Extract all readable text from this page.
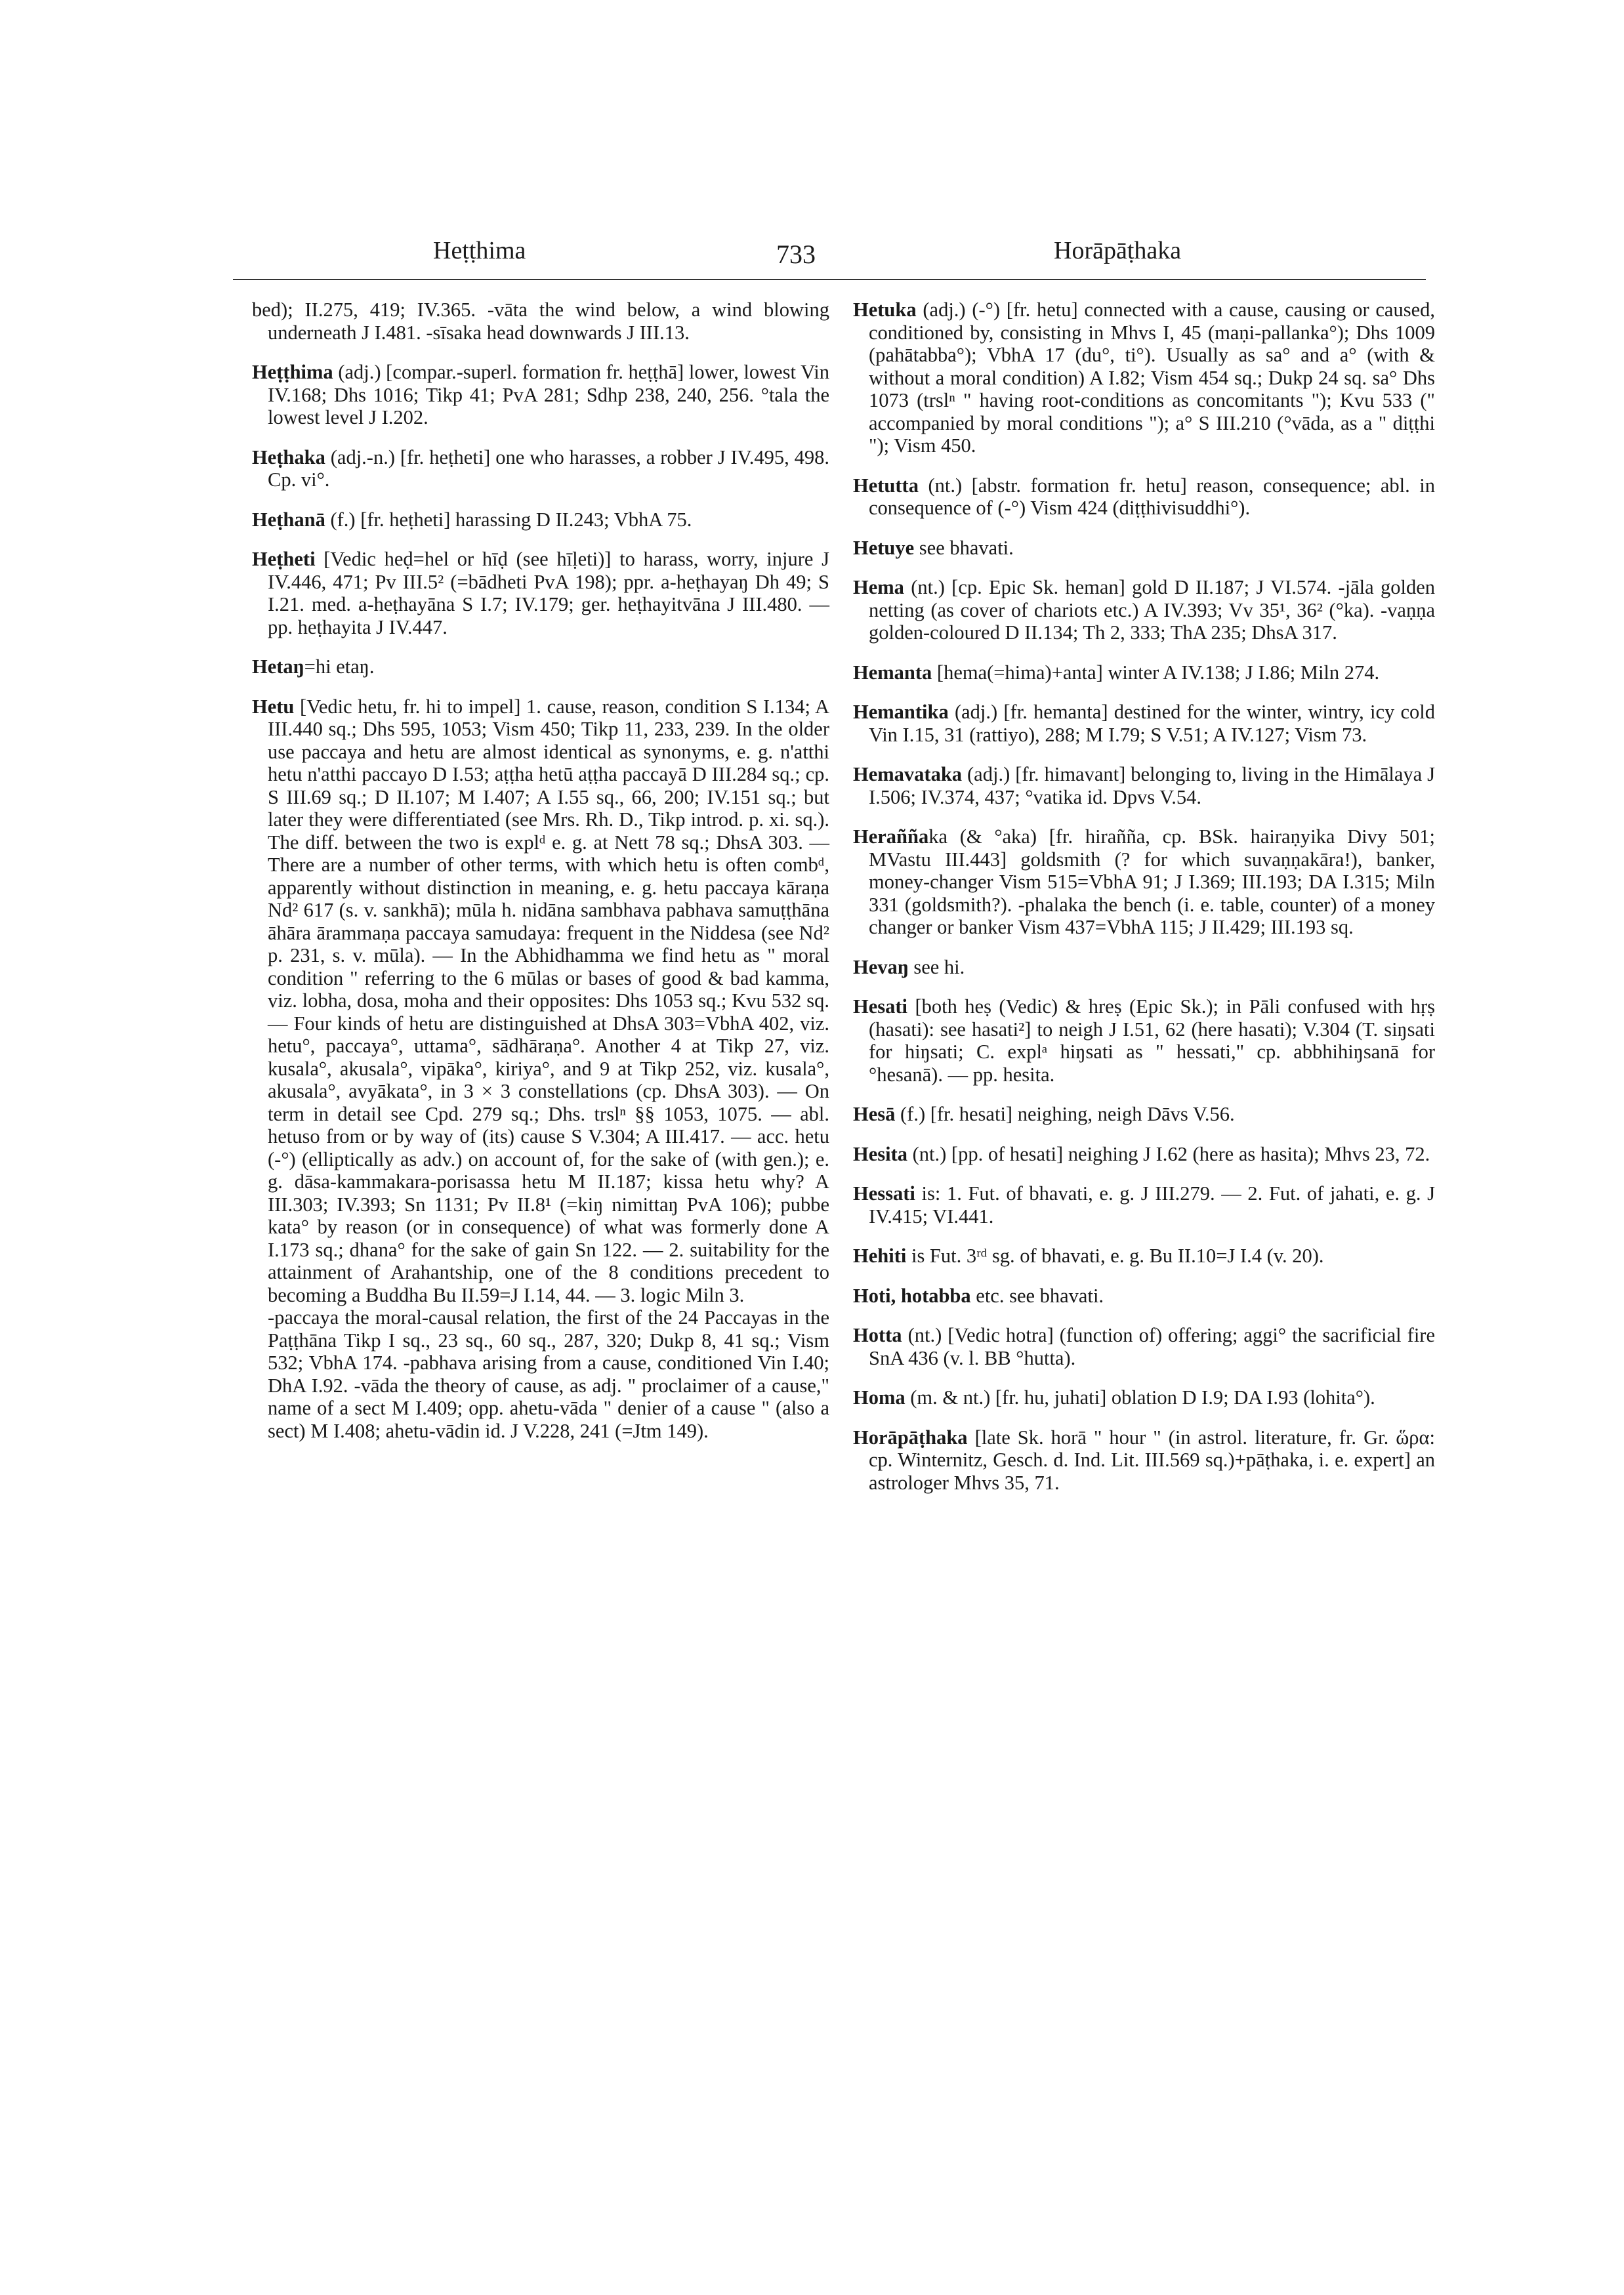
Heṭṭhima	733	Horāpāṭhaka

bed); II.275, 419; IV.365. -vāta the wind below, a wind blowing underneath J I.481. -sīsaka head downwards J III.13.

Heṭṭhima (adj.) [compar.-superl. formation fr. heṭṭhā] lower, lowest Vin IV.168; Dhs 1016; Tikp 41; PvA 281; Sdhp 238, 240, 256. °tala the lowest level J I.202.

Heṭhaka (adj.-n.) [fr. heṭheti] one who harasses, a robber J IV.495, 498. Cp. vi°.

Heṭhanā (f.) [fr. heṭheti] harassing D II.243; VbhA 75.

Heṭheti [Vedic heḍ=hel or hīḍ (see hīḷeti)] to harass, worry, injure J IV.446, 471; Pv III.5² (=bādheti PvA 198); ppr. a-heṭhayaŋ Dh 49; S I.21. med. a-heṭhayāna S I.7; IV.179; ger. heṭhayitvāna J III.480. — pp. heṭhayita J IV.447.

Hetaŋ=hi etaŋ.

Hetu [Vedic hetu, fr. hi to impel] 1. cause, reason, condition S I.134; A III.440 sq.; Dhs 595, 1053; Vism 450; Tikp 11, 233, 239. In the older use paccaya and hetu are almost identical as synonyms, e. g. n'atthi hetu n'atthi paccayo D I.53; aṭṭha hetū aṭṭha paccayā D III.284 sq.; cp. S III.69 sq.; D II.107; M I.407; A I.55 sq., 66, 200; IV.151 sq.; but later they were differentiated (see Mrs. Rh. D., Tikp introd. p. xi. sq.). The diff. between the two is explᵈ e. g. at Nett 78 sq.; DhsA 303. — There are a number of other terms, with which hetu is often combᵈ, apparently without distinction in meaning, e. g. hetu paccaya kāraṇa Nd² 617 (s. v. sankhā); mūla h. nidāna sambhava pabhava samuṭṭhāna āhāra ārammaṇa paccaya samudaya: frequent in the Niddesa (see Nd² p. 231, s. v. mūla). — In the Abhidhamma we find hetu as " moral condition " referring to the 6 mūlas or bases of good & bad kamma, viz. lobha, dosa, moha and their opposites: Dhs 1053 sq.; Kvu 532 sq. — Four kinds of hetu are distinguished at DhsA 303=VbhA 402, viz. hetu°, paccaya°, uttama°, sādhāraṇa°. Another 4 at Tikp 27, viz. kusala°, akusala°, vipāka°, kiriya°, and 9 at Tikp 252, viz. kusala°, akusala°, avyākata°, in 3 × 3 constellations (cp. DhsA 303). — On term in detail see Cpd. 279 sq.; Dhs. trslⁿ §§ 1053, 1075. — abl. hetuso from or by way of (its) cause S V.304; A III.417. — acc. hetu (-°) (elliptically as adv.) on account of, for the sake of (with gen.); e. g. dāsa-kammakara-porisassa hetu M II.187; kissa hetu why? A III.303; IV.393; Sn 1131; Pv II.8¹ (=kiŋ nimittaŋ PvA 106); pubbe kata° by reason (or in consequence) of what was formerly done A I.173 sq.; dhana° for the sake of gain Sn 122. — 2. suitability for the attainment of Arahantship, one of the 8 conditions precedent to becoming a Buddha Bu II.59=J I.14, 44. — 3. logic Miln 3.
-paccaya the moral-causal relation, the first of the 24 Paccayas in the Paṭṭhāna Tikp I sq., 23 sq., 60 sq., 287, 320; Dukp 8, 41 sq.; Vism 532; VbhA 174. -pabhava arising from a cause, conditioned Vin I.40; DhA I.92. -vāda the theory of cause, as adj. " proclaimer of a cause," name of a sect M I.409; opp. ahetu-vāda " denier of a cause " (also a sect) M I.408; ahetu-vādin id. J V.228, 241 (=Jtm 149).

Hetuka (adj.) (-°) [fr. hetu] connected with a cause, causing or caused, conditioned by, consisting in Mhvs I, 45 (maṇi-pallanka°); Dhs 1009 (pahātabba°); VbhA 17 (du°, ti°). Usually as sa° and a° (with & without a moral condition) A I.82; Vism 454 sq.; Dukp 24 sq. sa° Dhs 1073 (trslⁿ " having root-conditions as concomitants "); Kvu 533 (" accompanied by moral conditions "); a° S III.210 (°vāda, as a " diṭṭhi "); Vism 450.

Hetutta (nt.) [abstr. formation fr. hetu] reason, consequence; abl. in consequence of (-°) Vism 424 (diṭṭhivisuddhi°).

Hetuye see bhavati.

Hema (nt.) [cp. Epic Sk. heman] gold D II.187; J VI.574. -jāla golden netting (as cover of chariots etc.) A IV.393; Vv 35¹, 36² (°ka). -vaṇṇa golden-coloured D II.134; Th 2, 333; ThA 235; DhsA 317.

Hemanta [hema(=hima)+anta] winter A IV.138; J I.86; Miln 274.

Hemantika (adj.) [fr. hemanta] destined for the winter, wintry, icy cold Vin I.15, 31 (rattiyo), 288; M I.79; S V.51; A IV.127; Vism 73.

Hemavataka (adj.) [fr. himavant] belonging to, living in the Himālaya J I.506; IV.374, 437; °vatika id. Dpvs V.54.

Heraññaka (& °aka) [fr. hirañña, cp. BSk. hairaṇyika Divy 501; MVastu III.443] goldsmith (? for which suvaṇṇakāra!), banker, money-changer Vism 515=VbhA 91; J I.369; III.193; DA I.315; Miln 331 (goldsmith?). -phalaka the bench (i. e. table, counter) of a money changer or banker Vism 437=VbhA 115; J II.429; III.193 sq.

Hevaŋ see hi.

Hesati [both heṣ (Vedic) & hreṣ (Epic Sk.); in Pāli confused with hṛṣ (hasati): see hasati²] to neigh J I.51, 62 (here hasati); V.304 (T. siŋsati for hiŋsati; C. explᵃ hiŋsati as " hessati," cp. abbhihiŋsanā for °hesanā). — pp. hesita.

Hesā (f.) [fr. hesati] neighing, neigh Dāvs V.56.

Hesita (nt.) [pp. of hesati] neighing J I.62 (here as hasita); Mhvs 23, 72.

Hessati is: 1. Fut. of bhavati, e. g. J III.279. — 2. Fut. of jahati, e. g. J IV.415; VI.441.

Hehiti is Fut. 3ʳᵈ sg. of bhavati, e. g. Bu II.10=J I.4 (v. 20).

Hoti, hotabba etc. see bhavati.

Hotta (nt.) [Vedic hotra] (function of) offering; aggi° the sacrificial fire SnA 436 (v. l. BB °hutta).

Homa (m. & nt.) [fr. hu, juhati] oblation D I.9; DA I.93 (lohita°).

Horāpāṭhaka [late Sk. horā " hour " (in astrol. literature, fr. Gr. ὥρα: cp. Winternitz, Gesch. d. Ind. Lit. III.569 sq.)+pāṭhaka, i. e. expert] an astrologer Mhvs 35, 71.
